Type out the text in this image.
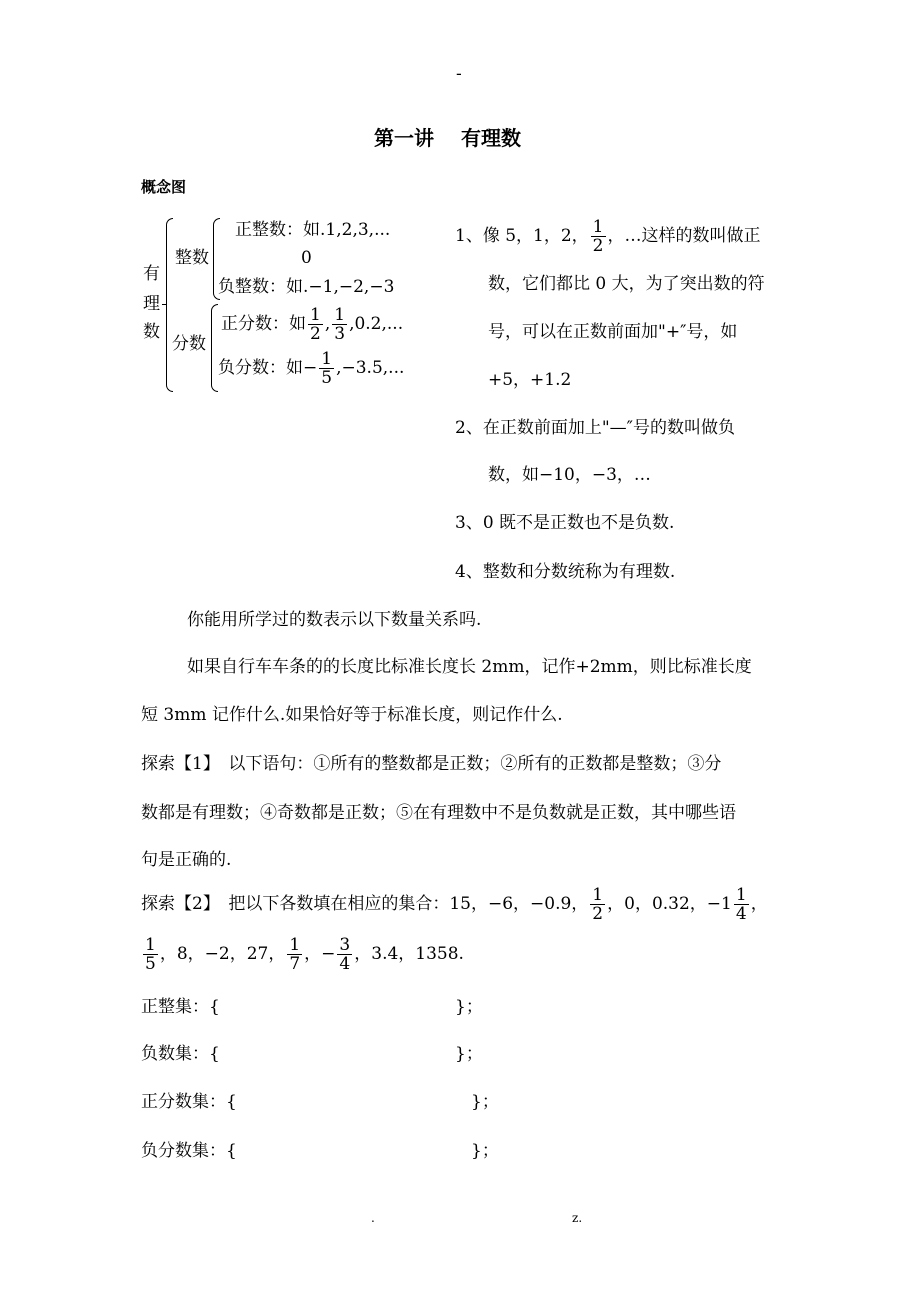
-
第一讲　 有理数
概念图
有
理
数
整数
正整数：如.1,2,3,...
0
负整数：如.−1,−2,−3
分数
正分数：如 $\frac{1}{2}$ , $\frac{1}{3} ,0.2$,...
负分数：如− $\frac{1}{5} ,-3.5$,...
1、像 5，1，2， $\frac{1}{2}$ ，…这样的数叫做正
数，它们都比 0 大，为了突出数的符
号，可以在正数前面加"+″号，如
+5，+1.2
2、在正数前面加上"—″号的数叫做负
数，如−10，−3，…
3、0 既不是正数也不是负数.
4、整数和分数统称为有理数.
你能用所学过的数表示以下数量关系吗.
如果自行车车条的的长度比标准长度长 2mm，记作+2mm，则比标准长度
短 3mm 记作什么.如果恰好等于标准长度，则记作什么.
探索【1】　以下语句：①所有的整数都是正数；②所有的正数都是整数；③分
数都是有理数；④奇数都是正数；⑤在有理数中不是负数就是正数，其中哪些语
句是正确的.
探索【2】　把以下各数填在相应的集合：15，−6，−0.9， $\frac{1}{2}$ ，0，0.32，$-1 \frac{1}{4}$ ，
$\frac{1}{5}$ ，8，−2，27， $\frac{1}{7}$ ，− $\frac{3}{4}$ ，3.4，1358.
正整集：{	}；
负数集：{	}；
正分数集：{	}；
负分数集：{	}；
.	z.
